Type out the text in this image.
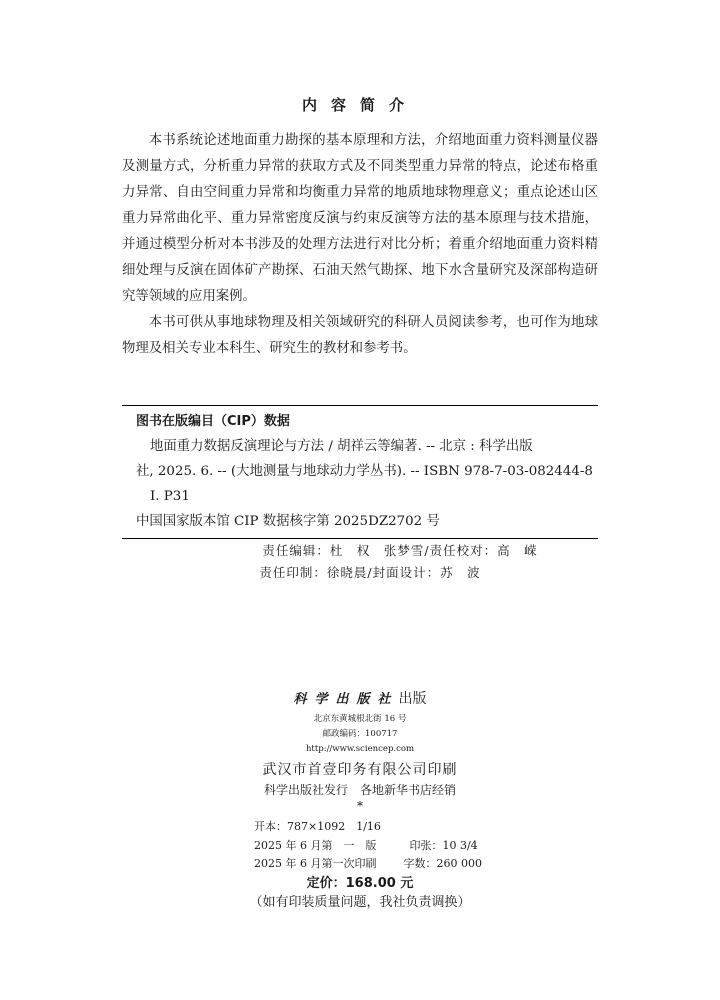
内容简介

本书系统论述地面重力勘探的基本原理和方法，介绍地面重力资料测量仪器及测量方式，分析重力异常的获取方式及不同类型重力异常的特点，论述布格重力异常、自由空间重力异常和均衡重力异常的地质地球物理意义；重点论述山区重力异常曲化平、重力异常密度反演与约束反演等方法的基本原理与技术措施，并通过模型分析对本书涉及的处理方法进行对比分析；着重介绍地面重力资料精细处理与反演在固体矿产勘探、石油天然气勘探、地下水含量研究及深部构造研究等领域的应用案例。

本书可供从事地球物理及相关领域研究的科研人员阅读参考，也可作为地球物理及相关专业本科生、研究生的教材和参考书。

图书在版编目（CIP）数据
地面重力数据反演理论与方法 / 胡祥云等编著. -- 北京 : 科学出版
社, 2025. 6. -- (大地测量与地球动力学丛书). -- ISBN 978-7-03-082444-8
I. P31
中国国家版本馆 CIP 数据核字第 2025DZ2702 号
责任编辑：杜　权　张梦雪/责任校对：高　嵘
责任印制：徐晓晨/封面设计：苏　波
科学出版社出版
北京东黄城根北街 16 号
邮政编码：100717
http://www.sciencep.com
武汉市首壹印务有限公司印刷
科学出版社发行　各地新华书店经销
*
开本：787×1092　1/16
2025 年 6 月第　一　版	印张：10 3/4
2025 年 6 月第一次印刷 字数：260 000
定价：168.00 元
（如有印装质量问题，我社负责调换）
